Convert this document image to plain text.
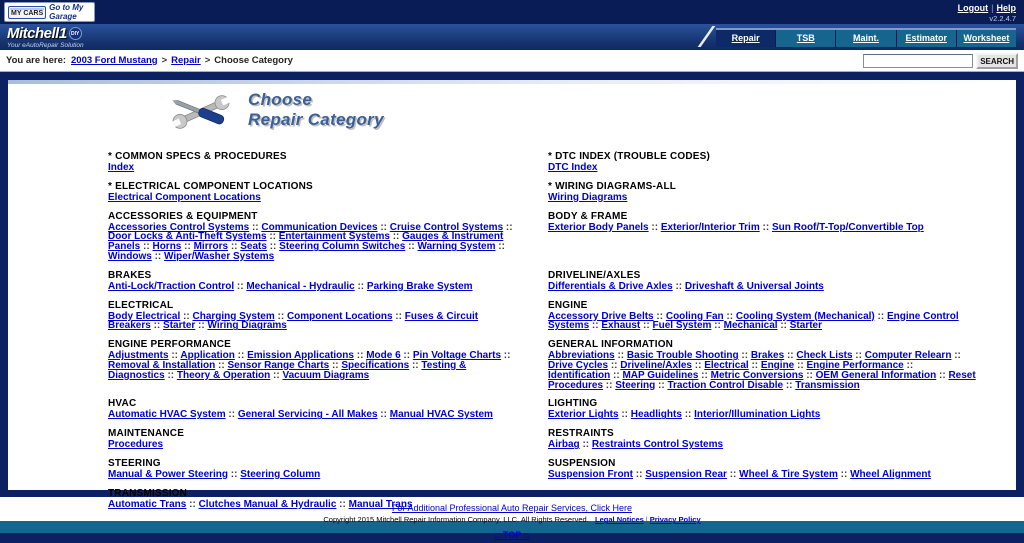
MY CARS
Go to My Garage
Logout | Help
v2.2.4.7
Mitchell1 DIY
Your eAutoRepair Solution
Repair	TSB	Maint.	Estimator	Worksheet
You are here: 2003 Ford Mustang > Repair > Choose Category	SEARCH
Choose
Repair Category
* COMMON SPECS & PROCEDURES
Index
* ELECTRICAL COMPONENT LOCATIONS
Electrical Component Locations
ACCESSORIES & EQUIPMENT
Accessories Control Systems :: Communication Devices :: Cruise Control Systems :: Door Locks & Anti-Theft Systems :: Entertainment Systems :: Gauges & Instrument Panels :: Horns :: Mirrors :: Seats :: Steering Column Switches :: Warning System :: Windows :: Wiper/Washer Systems
BRAKES
Anti-Lock/Traction Control :: Mechanical - Hydraulic :: Parking Brake System
ELECTRICAL
Body Electrical :: Charging System :: Component Locations :: Fuses & Circuit Breakers :: Starter :: Wiring Diagrams
ENGINE PERFORMANCE
Adjustments :: Application :: Emission Applications :: Mode 6 :: Pin Voltage Charts :: Removal & Installation :: Sensor Range Charts :: Specifications :: Testing & Diagnostics :: Theory & Operation :: Vacuum Diagrams
HVAC
Automatic HVAC System :: General Servicing - All Makes :: Manual HVAC System
MAINTENANCE
Procedures
STEERING
Manual & Power Steering :: Steering Column
TRANSMISSION
Automatic Trans :: Clutches Manual & Hydraulic :: Manual Trans
* DTC INDEX (TROUBLE CODES)
DTC Index
* WIRING DIAGRAMS-ALL
Wiring Diagrams
BODY & FRAME
Exterior Body Panels :: Exterior/Interior Trim :: Sun Roof/T-Top/Convertible Top
DRIVELINE/AXLES
Differentials & Drive Axles :: Driveshaft & Universal Joints
ENGINE
Accessory Drive Belts :: Cooling Fan :: Cooling System (Mechanical) :: Engine Control Systems :: Exhaust :: Fuel System :: Mechanical :: Starter
GENERAL INFORMATION
Abbreviations :: Basic Trouble Shooting :: Brakes :: Check Lists :: Computer Relearn :: Drive Cycles :: Driveline/Axles :: Electrical :: Engine :: Engine Performance :: Identification :: MAP Guidelines :: Metric Conversions :: OEM General Information :: Reset Procedures :: Steering :: Traction Control Disable :: Transmission
LIGHTING
Exterior Lights :: Headlights :: Interior/Illumination Lights
RESTRAINTS
Airbag :: Restraints Control Systems
SUSPENSION
Suspension Front :: Suspension Rear :: Wheel & Tire System :: Wheel Alignment
For Additional Professional Auto Repair Services, Click Here
Copyright 2015 Mitchell Repair Information Company, LLC. All Rights Reserved. Legal Notices | Privacy Policy
:: TOP ::
